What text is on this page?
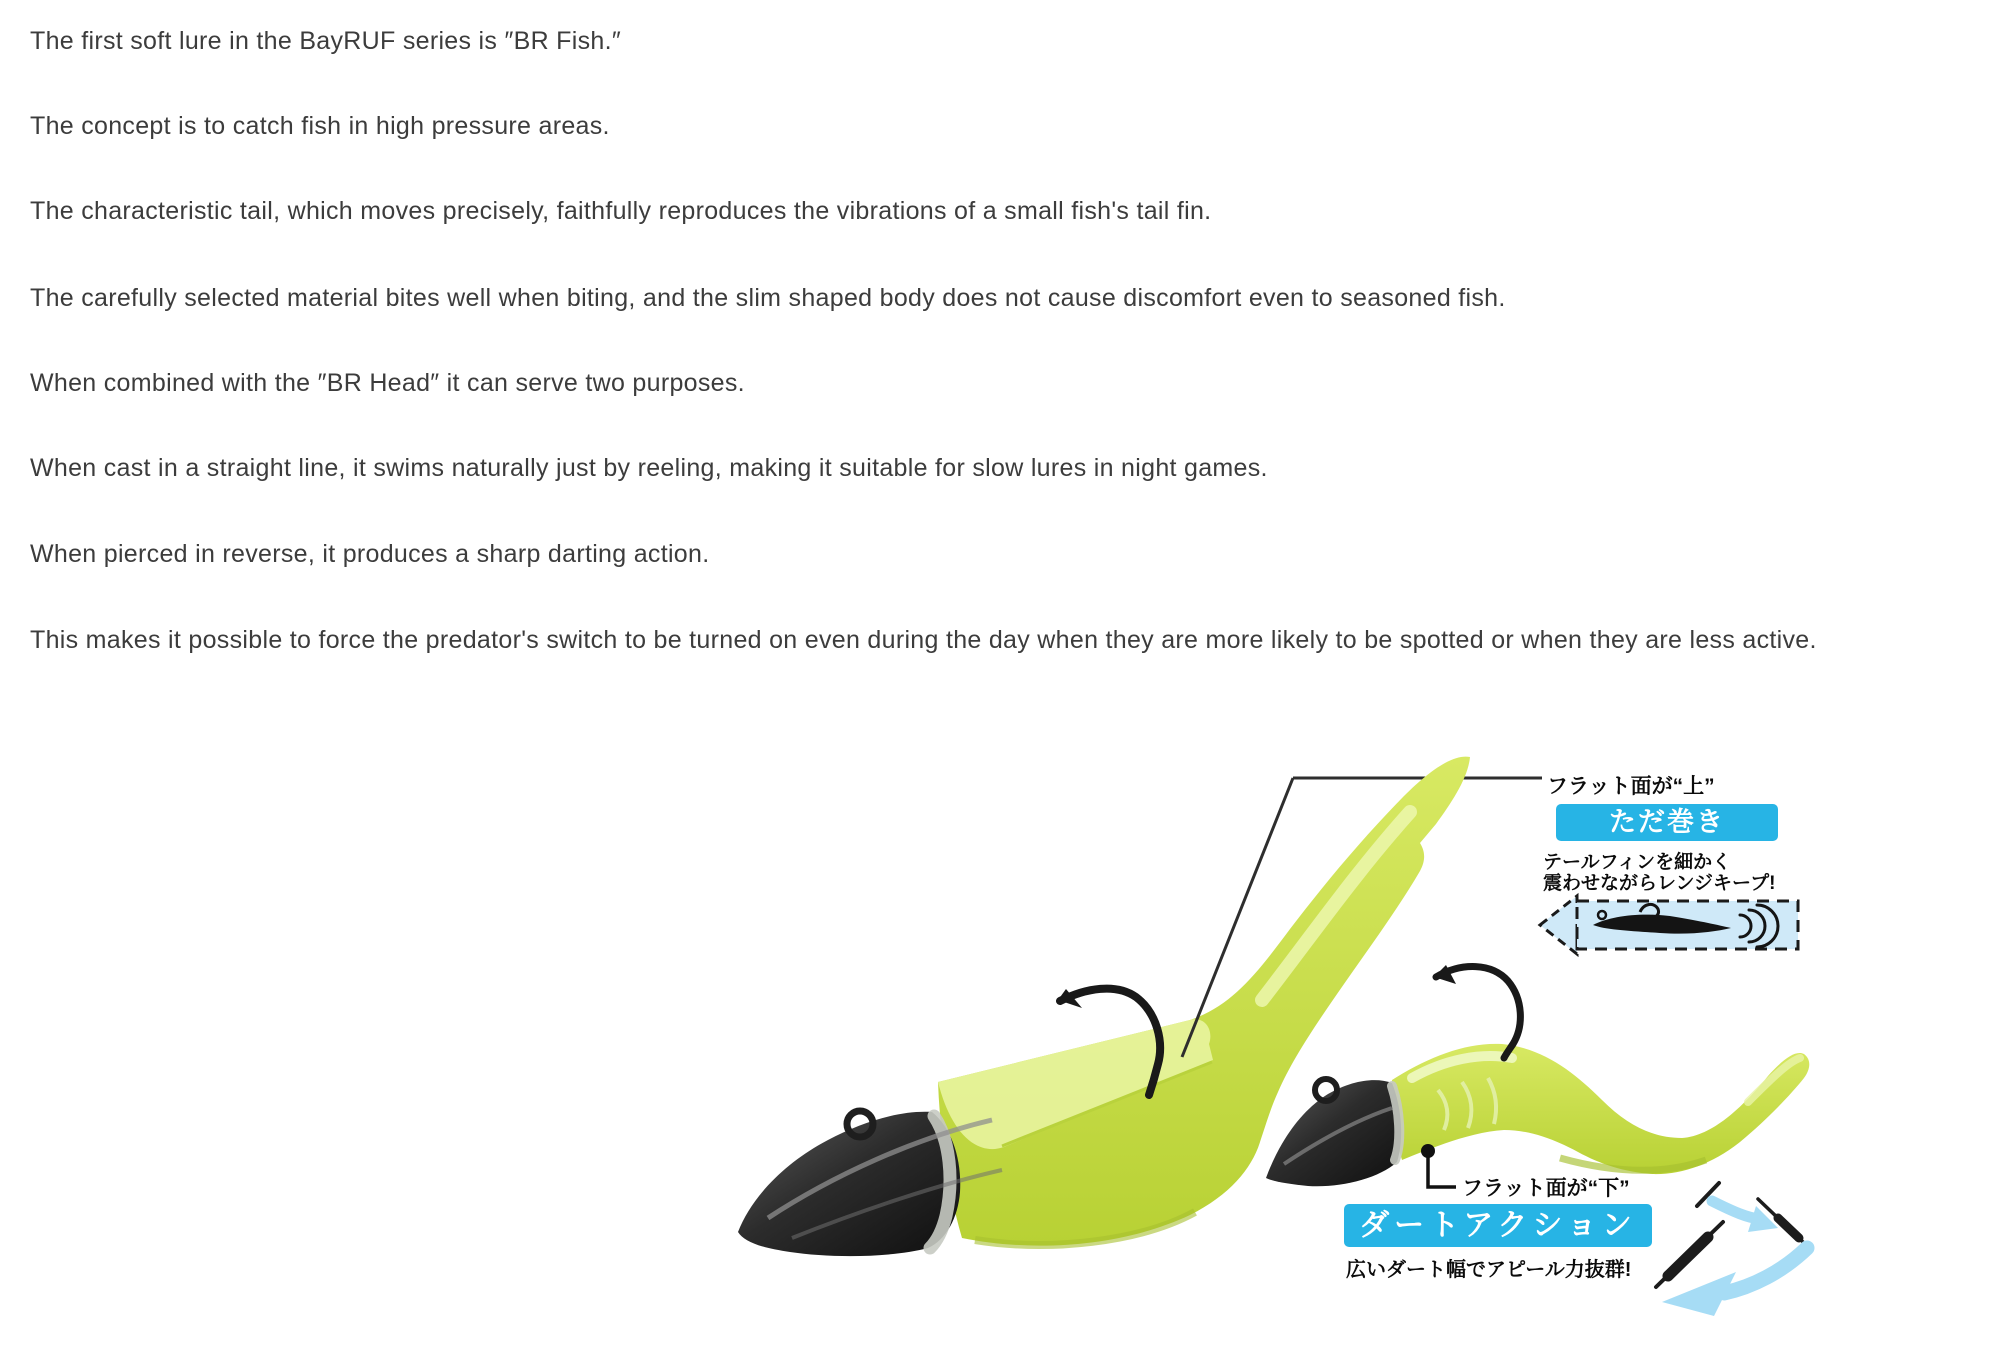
The first soft lure in the BayRUF series is ″BR Fish.″
The concept is to catch fish in high pressure areas.
The characteristic tail, which moves precisely, faithfully reproduces the vibrations of a small fish's tail fin.
The carefully selected material bites well when biting, and the slim shaped body does not cause discomfort even to seasoned fish.
When combined with the ″BR Head″ it can serve two purposes.
When cast in a straight line, it swims naturally just by reeling, making it suitable for slow lures in night games.
When pierced in reverse, it produces a sharp darting action.
This makes it possible to force the predator's switch to be turned on even during the day when they are more likely to be spotted or when they are less active.
フラット面が“上”
ただ巻き
テールフィンを細かく
震わせながらレンジキープ!
フラット面が“下”
ダートアクション
広いダート幅でアピール力抜群!
